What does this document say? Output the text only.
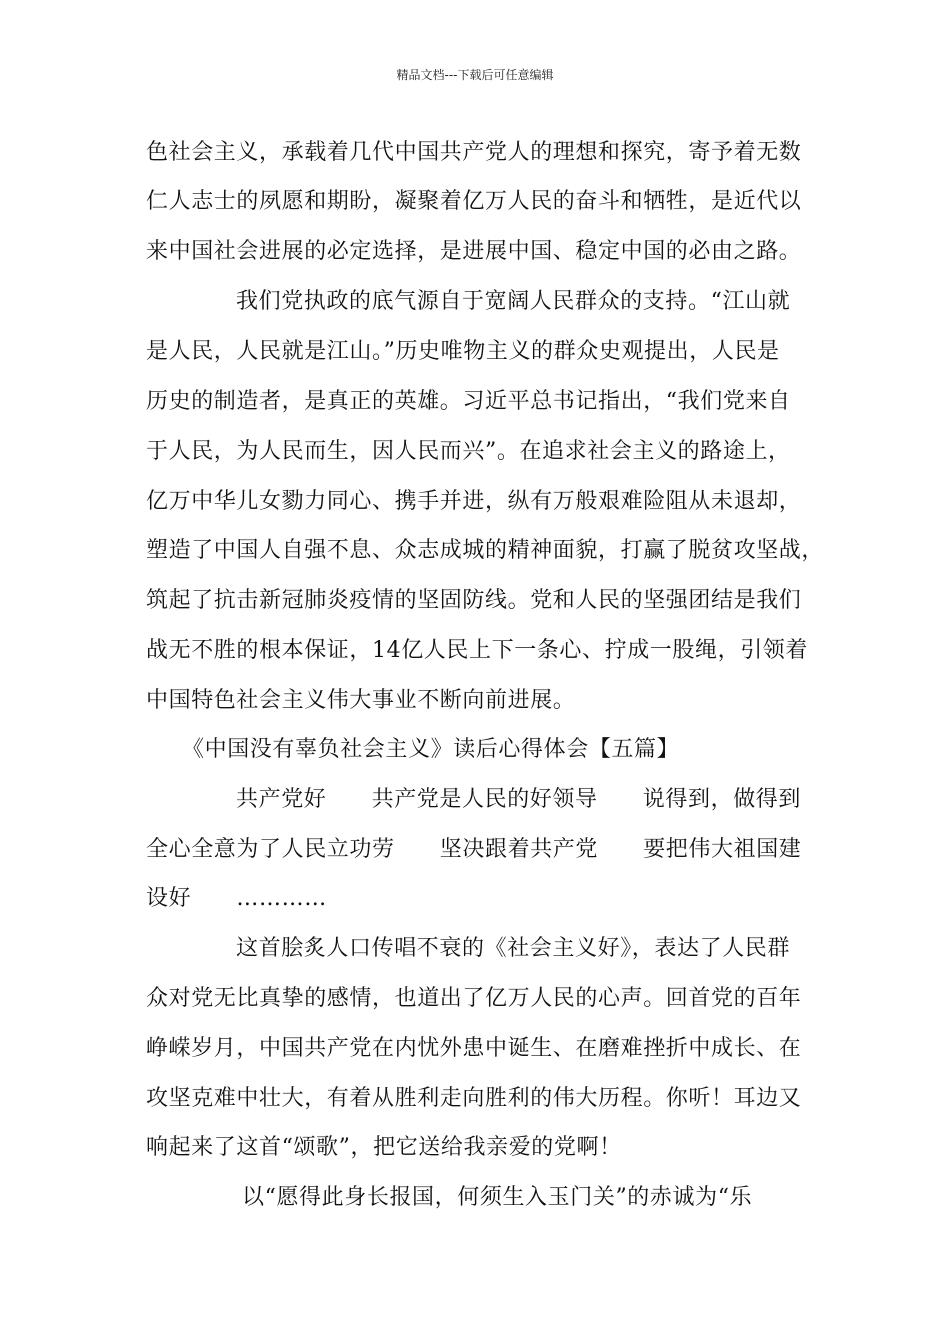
精品文档---下载后可任意编辑
色社会主义，承载着几代中国共产党人的理想和探究，寄予着无数
仁人志士的夙愿和期盼，凝聚着亿万人民的奋斗和牺牲，是近代以
来中国社会进展的必定选择，是进展中国、稳定中国的必由之路。
我们党执政的底气源自于宽阔人民群众的支持。“江山就
是人民，人民就是江山。”历史唯物主义的群众史观提出，人民是
历史的制造者，是真正的英雄。习近平总书记指出，“我们党来自
于人民，为人民而生，因人民而兴”。在追求社会主义的路途上，
亿万中华儿女勠力同心、携手并进，纵有万般艰难险阻从未退却，
塑造了中国人自强不息、众志成城的精神面貌，打赢了脱贫攻坚战，
筑起了抗击新冠肺炎疫情的坚固防线。党和人民的坚强团结是我们
战无不胜的根本保证，14亿人民上下一条心、拧成一股绳，引领着
中国特色社会主义伟大事业不断向前进展。
《中国没有辜负社会主义》读后心得体会【五篇】
共产党好　　共产党是人民的好领导　　说得到，做得到
全心全意为了人民立功劳　　坚决跟着共产党　　要把伟大祖国建
设好　　…………
这首脍炙人口传唱不衰的《社会主义好》，表达了人民群
众对党无比真挚的感情，也道出了亿万人民的心声。回首党的百年
峥嵘岁月，中国共产党在内忧外患中诞生、在磨难挫折中成长、在
攻坚克难中壮大，有着从胜利走向胜利的伟大历程。你听！耳边又
响起来了这首“颂歌”，把它送给我亲爱的党啊！
以“愿得此身长报国，何须生入玉门关”的赤诚为“乐
